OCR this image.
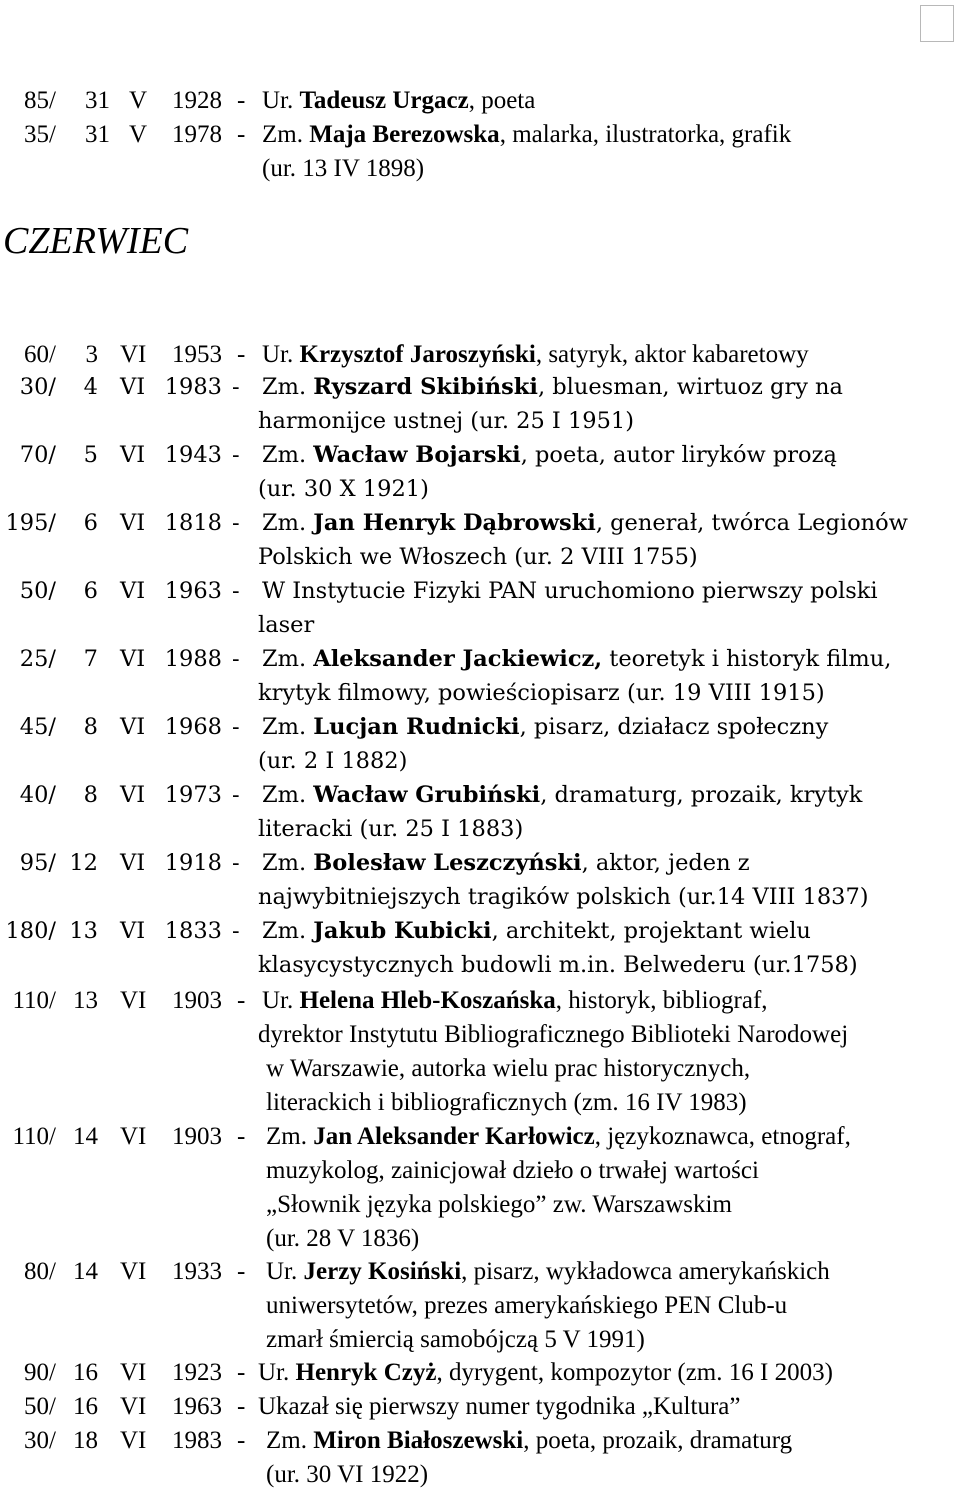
85/ 31 V 1928 - Ur. Tadeusz Urgacz, poeta
35/ 31 V 1978 - Zm. Maja Berezowska, malarka, ilustratorka, grafik
(ur. 13 IV 1898)
CZERWIEC
60/ 3 VI 1953 - Ur. Krzysztof Jaroszyński, satyryk, aktor kabaretowy
30/ 4 VI 1983 - Zm. Ryszard Skibiński, bluesman, wirtuoz gry na
harmonijce ustnej (ur. 25 I 1951)
70/ 5 VI 1943 - Zm. Wacław Bojarski, poeta, autor liryków prozą
(ur. 30 X 1921)
195/ 6 VI 1818 - Zm. Jan Henryk Dąbrowski, generał, twórca Legionów
Polskich we Włoszech (ur. 2 VIII 1755)
50/ 6 VI 1963 - W Instytucie Fizyki PAN uruchomiono pierwszy polski
laser
25/ 7 VI 1988 - Zm. Aleksander Jackiewicz, teoretyk i historyk filmu,
krytyk filmowy, powieściopisarz (ur. 19 VIII 1915)
45/ 8 VI 1968 - Zm. Lucjan Rudnicki, pisarz, działacz społeczny
(ur. 2 I 1882)
40/ 8 VI 1973 - Zm. Wacław Grubiński, dramaturg, prozaik, krytyk
literacki (ur. 25 I 1883)
95/ 12 VI 1918 - Zm. Bolesław Leszczyński, aktor, jeden z
najwybitniejszych tragików polskich (ur.14 VIII 1837)
180/ 13 VI 1833 - Zm. Jakub Kubicki, architekt, projektant wielu
klasycystycznych budowli m.in. Belwederu (ur.1758)
110/ 13 VI 1903 - Ur. Helena Hleb-Koszańska, historyk, bibliograf,
dyrektor Instytutu Bibliograficznego Biblioteki Narodowej
w Warszawie, autorka wielu prac historycznych,
literackich i bibliograficznych (zm. 16 IV 1983)
110/ 14 VI 1903 - Zm. Jan Aleksander Karłowicz, językoznawca, etnograf,
muzykolog, zainicjował dzieło o trwałej wartości
„Słownik języka polskiego” zw. Warszawskim
(ur. 28 V 1836)
80/ 14 VI 1933 - Ur. Jerzy Kosiński, pisarz, wykładowca amerykańskich
uniwersytetów, prezes amerykańskiego PEN Club-u
zmarł śmiercią samobójczą 5 V 1991)
90/ 16 VI 1923 - Ur. Henryk Czyż, dyrygent, kompozytor (zm. 16 I 2003)
50/ 16 VI 1963 - Ukazał się pierwszy numer tygodnika „Kultura”
30/ 18 VI 1983 - Zm. Miron Białoszewski, poeta, prozaik, dramaturg
(ur. 30 VI 1922)
